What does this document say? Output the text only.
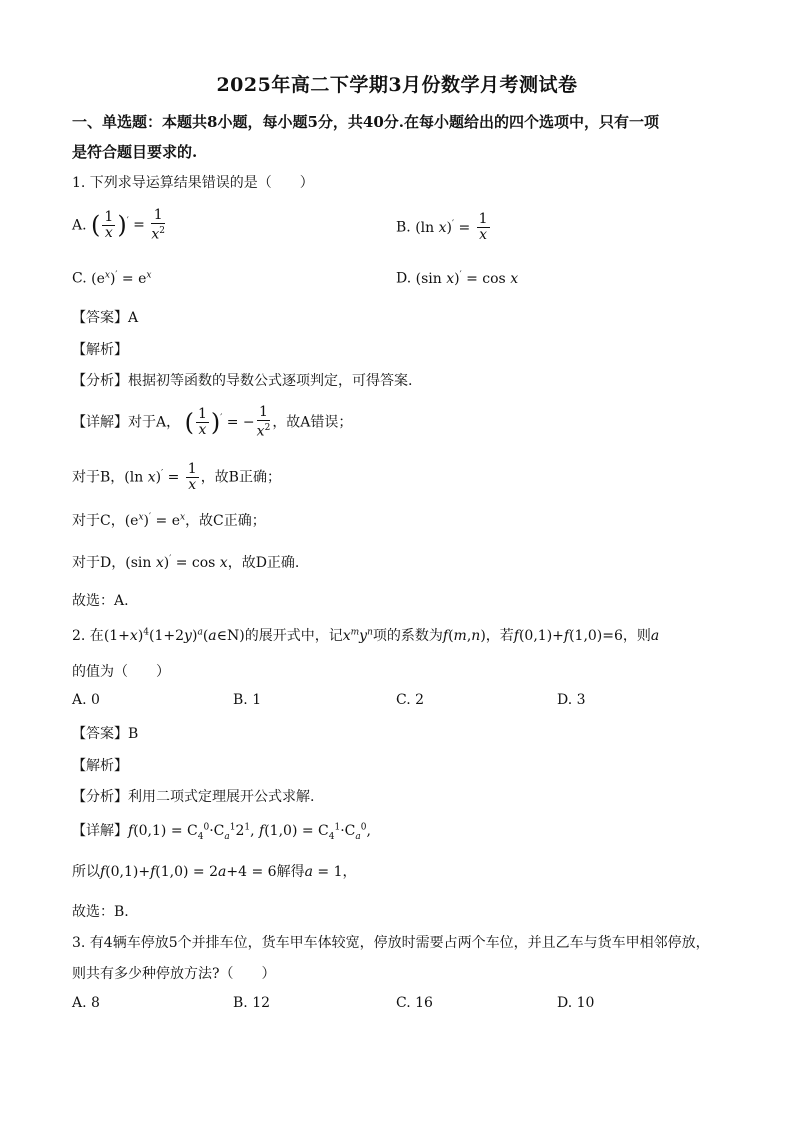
2025年高二下学期3月份数学月考测试卷
一、单选题：本题共8小题，每小题5分，共40分.在每小题给出的四个选项中，只有一项
是符合题目要求的.
1. 下列求导运算结果错误的是（　　）
A. ( $\frac{1}{x} )' = \frac{1}{x^2}$	B. (ln $x)' = \frac{1}{x}$
C. $(e^x)' = e^x$	D. (sin x)′ = cos x
【答案】A
【解析】
【分析】根据初等函数的导数公式逐项判定，可得答案.
【详解】对于A， ( $\frac{1}{x} )'$ = − $\frac{1}{x^2}$ ，故A错误；
对于B，(ln $x)' = \frac{1}{x}$ ，故B正确；
对于C，$(e^x)' = e^x$，故C正确；
对于D，(sin x)′ = cos x，故D正确.
故选：A.
2. 在$(1+x)^4(1+2y)^a(a\in N)$的展开式中，记$x^my^n$项的系数为f(m,n)，若f(0,1)+f(1,0)=6，则a
的值为（　　）
A. 0	B. 1	C. 2	D. 3
【答案】B
【解析】
【分析】利用二项式定理展开公式求解.
【详解】$f(0,1) = C_4^0\cdot C_a^12^1$, $f(1,0) = C_4^1\cdot C_a^0$,
所以f(0,1)+f(1,0) = 2a+4 = 6解得a = 1，
故选：B.
3. 有4辆车停放5个并排车位，货车甲车体较宽，停放时需要占两个车位，并且乙车与货车甲相邻停放，
则共有多少种停放方法?（　　）
A. 8	B. 12	C. 16	D. 10
